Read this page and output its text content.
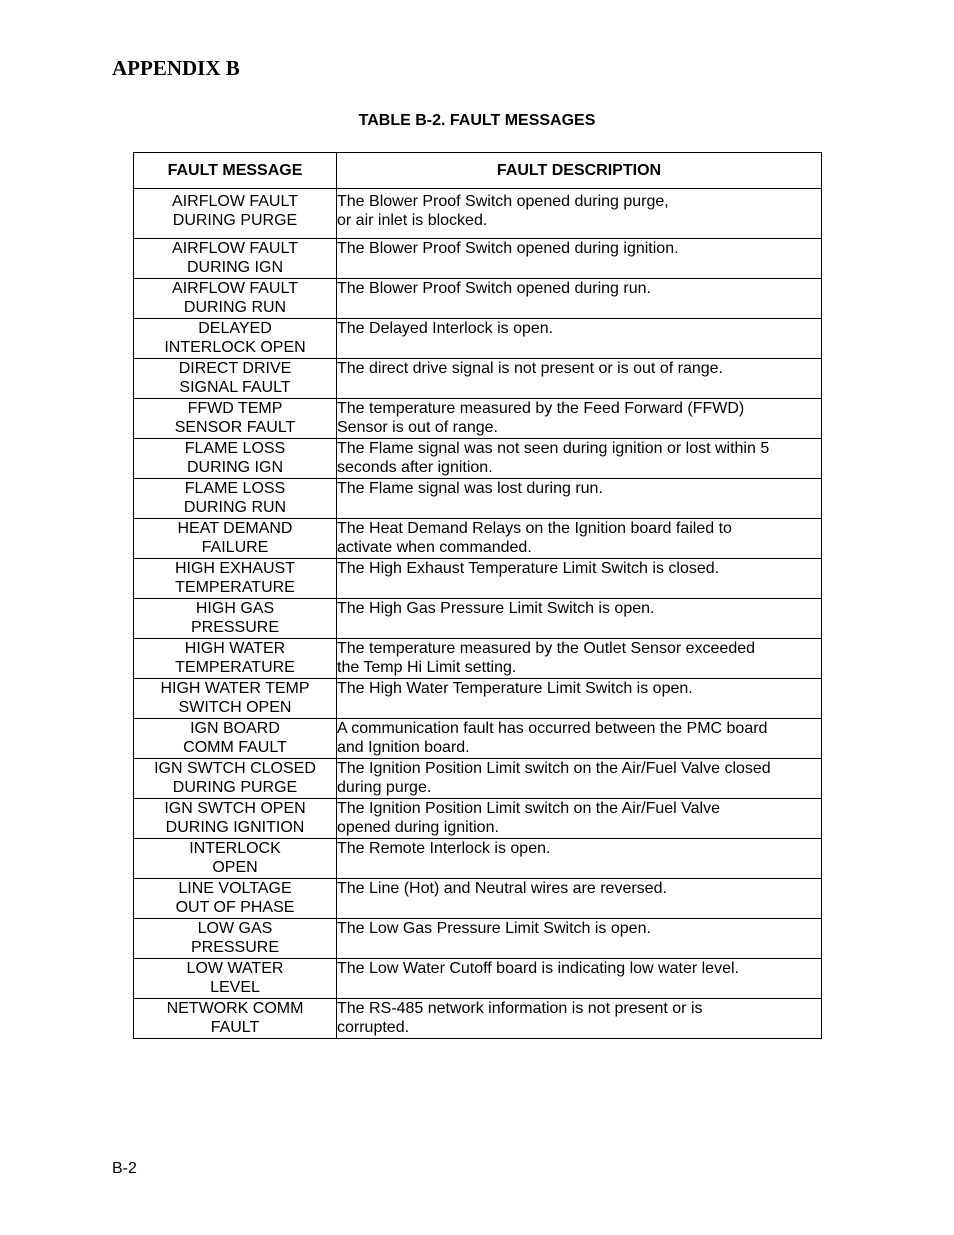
APPENDIX B
TABLE B-2. FAULT MESSAGES
FAULT MESSAGE	FAULT DESCRIPTION

AIRFLOW FAULT
DURING PURGE	The Blower Proof Switch opened during purge,
or air inlet is blocked.

AIRFLOW FAULT
DURING IGN	The Blower Proof Switch opened during ignition.

AIRFLOW FAULT
DURING RUN	The Blower Proof Switch opened during run.

DELAYED
INTERLOCK OPEN	The Delayed Interlock is open.

DIRECT DRIVE
SIGNAL FAULT	The direct drive signal is not present or is out of range.

FFWD TEMP
SENSOR FAULT	The temperature measured by the Feed Forward (FFWD)
Sensor is out of range.

FLAME LOSS
DURING IGN	The Flame signal was not seen during ignition or lost within 5
seconds after ignition.

FLAME LOSS
DURING RUN	The Flame signal was lost during run.

HEAT DEMAND
FAILURE	The Heat Demand Relays on the Ignition board failed to
activate when commanded.

HIGH EXHAUST
TEMPERATURE	The High Exhaust Temperature Limit Switch is closed.

HIGH GAS
PRESSURE	The High Gas Pressure Limit Switch is open.

HIGH WATER
TEMPERATURE	The temperature measured by the Outlet Sensor exceeded
the Temp Hi Limit setting.

HIGH WATER TEMP
SWITCH OPEN	The High Water Temperature Limit Switch is open.

IGN BOARD
COMM FAULT	A communication fault has occurred between the PMC board
and Ignition board.

IGN SWTCH CLOSED
DURING PURGE	The Ignition Position Limit switch on the Air/Fuel Valve closed
during purge.

IGN SWTCH OPEN
DURING IGNITION	The Ignition Position Limit switch on the Air/Fuel Valve
opened during ignition.

INTERLOCK
OPEN	The Remote Interlock is open.

LINE VOLTAGE
OUT OF PHASE	The Line (Hot) and Neutral wires are reversed.

LOW GAS
PRESSURE	The Low Gas Pressure Limit Switch is open.

LOW WATER
LEVEL	The Low Water Cutoff board is indicating low water level.

NETWORK COMM
FAULT	The RS-485 network information is not present or is
corrupted.

B-2
